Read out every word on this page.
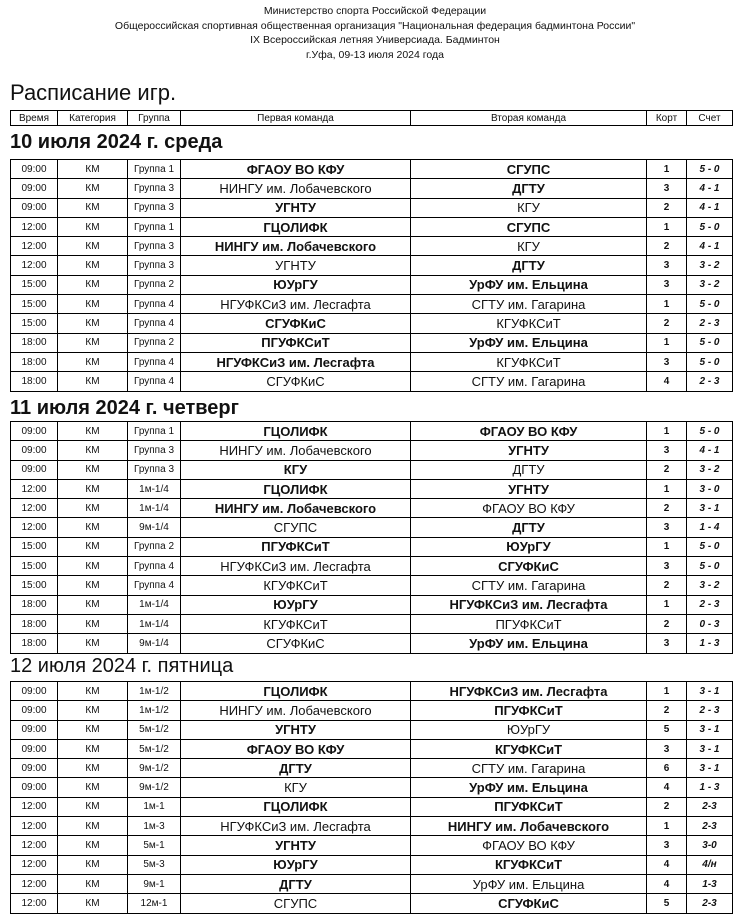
Министерство спорта Российской Федерации
Общероссийская спортивная общественная организация "Национальная федерация бадминтона России"
IX Всероссийская летняя Универсиада. Бадминтон
г.Уфа, 09-13 июля 2024 года
Расписание игр.
Время	Категория	Группа	Первая команда	Вторая команда	Корт	Счет
10 июля 2024 г. среда
09:00	КМ	Группа 1	ФГАОУ ВО КФУ	СГУПС	1	5 - 0
09:00	КМ	Группа 3	НИНГУ им. Лобачевского	ДГТУ	3	4 - 1
09:00	КМ	Группа 3	УГНТУ	КГУ	2	4 - 1
12:00	КМ	Группа 1	ГЦОЛИФК	СГУПС	1	5 - 0
12:00	КМ	Группа 3	НИНГУ им. Лобачевского	КГУ	2	4 - 1
12:00	КМ	Группа 3	УГНТУ	ДГТУ	3	3 - 2
15:00	КМ	Группа 2	ЮУрГУ	УрФУ им. Ельцина	3	3 - 2
15:00	КМ	Группа 4	НГУФКСиЗ им. Лесгафта	СГТУ им. Гагарина	1	5 - 0
15:00	КМ	Группа 4	СГУФКиС	КГУФКСиТ	2	2 - 3
18:00	КМ	Группа 2	ПГУФКСиТ	УрФУ им. Ельцина	1	5 - 0
18:00	КМ	Группа 4	НГУФКСиЗ им. Лесгафта	КГУФКСиТ	3	5 - 0
18:00	КМ	Группа 4	СГУФКиС	СГТУ им. Гагарина	4	2 - 3
11 июля 2024 г. четверг
09:00	КМ	Группа 1	ГЦОЛИФК	ФГАОУ ВО КФУ	1	5 - 0
09:00	КМ	Группа 3	НИНГУ им. Лобачевского	УГНТУ	3	4 - 1
09:00	КМ	Группа 3	КГУ	ДГТУ	2	3 - 2
12:00	КМ	1м-1/4	ГЦОЛИФК	УГНТУ	1	3 - 0
12:00	КМ	1м-1/4	НИНГУ им. Лобачевского	ФГАОУ ВО КФУ	2	3 - 1
12:00	КМ	9м-1/4	СГУПС	ДГТУ	3	1 - 4
15:00	КМ	Группа 2	ПГУФКСиТ	ЮУрГУ	1	5 - 0
15:00	КМ	Группа 4	НГУФКСиЗ им. Лесгафта	СГУФКиС	3	5 - 0
15:00	КМ	Группа 4	КГУФКСиТ	СГТУ им. Гагарина	2	3 - 2
18:00	КМ	1м-1/4	ЮУрГУ	НГУФКСиЗ им. Лесгафта	1	2 - 3
18:00	КМ	1м-1/4	КГУФКСиТ	ПГУФКСиТ	2	0 - 3
18:00	КМ	9м-1/4	СГУФКиС	УрФУ им. Ельцина	3	1 - 3
12 июля 2024 г. пятница
09:00	КМ	1м-1/2	ГЦОЛИФК	НГУФКСиЗ им. Лесгафта	1	3 - 1
09:00	КМ	1м-1/2	НИНГУ им. Лобачевского	ПГУФКСиТ	2	2 - 3
09:00	КМ	5м-1/2	УГНТУ	ЮУрГУ	5	3 - 1
09:00	КМ	5м-1/2	ФГАОУ ВО КФУ	КГУФКСиТ	3	3 - 1
09:00	КМ	9м-1/2	ДГТУ	СГТУ им. Гагарина	6	3 - 1
09:00	КМ	9м-1/2	КГУ	УрФУ им. Ельцина	4	1 - 3
12:00	КМ	1м-1	ГЦОЛИФК	ПГУФКСиТ	2	2-3
12:00	КМ	1м-3	НГУФКСиЗ им. Лесгафта	НИНГУ им. Лобачевского	1	2-3
12:00	КМ	5м-1	УГНТУ	ФГАОУ ВО КФУ	3	3-0
12:00	КМ	5м-3	ЮУрГУ	КГУФКСиТ	4	4/н
12:00	КМ	9м-1	ДГТУ	УрФУ им. Ельцина	4	1-3
12:00	КМ	12м-1	СГУПС	СГУФКиС	5	2-3
